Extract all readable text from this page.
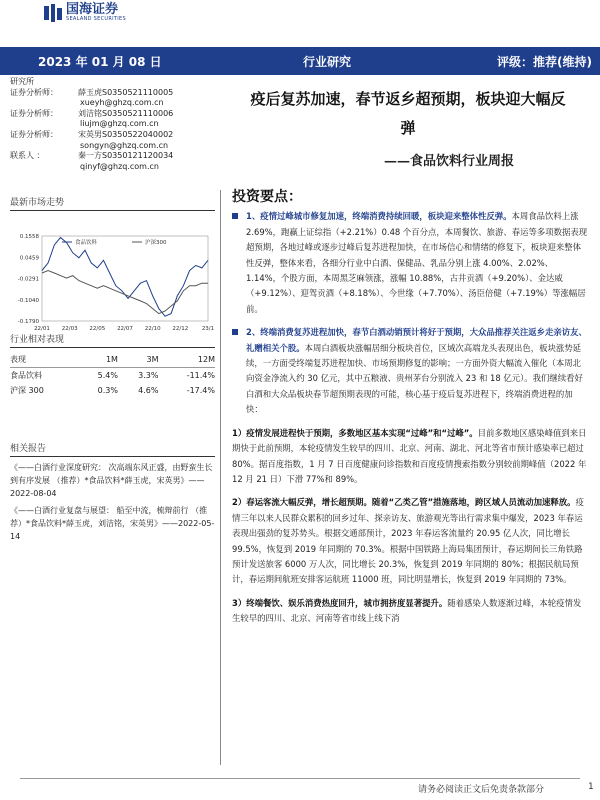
国海证券
SEALAND SECURITIES
2023 年 01 月 08 日	行业研究	评级：推荐(维持)
研究所
证券分析师：	薛玉虎S0350521110005
xueyh@ghzq.com.cn
证券分析师：	刘洁铭S0350521110006
liujm@ghzq.com.cn
证券分析师：	宋英男S0350522040002
songyn@ghzq.com.cn
联系人 ：	秦一方S0350121120034
qinyf@ghzq.com.cn
疫后复苏加速，春节返乡超预期，板块迎大幅反
弹
——食品饮料行业周报
最新市场走势
0.1558
0.0459
-0.0291
-0.1040
-0.1790
22/01 22/03 22/05 22/07 22/10 22/12 23/1
食品饮料	沪深300
行业相对表现
表现	1M	3M	12M
食品饮料	5.4%	3.3%	-11.4%
沪深 300	0.3%	4.6%	-17.4%
相关报告

《——白酒行业深度研究： 次高端东风正盛，由野蛮生长到有序发展 （推荐）*食品饮料*薛玉虎，宋英男》——2022-08-04

《——白酒行业复盘与展望： 船至中流，梳辩前行 （推荐）*食品饮料*薛玉虎，刘洁铭，宋英男》——2022-05-14

投资要点：
1、疫情过峰城市修复加速，终端消费持续回暖，板块迎来整体性反弹。本周食品饮料上涨 2.69%，跑赢上证综指（+2.21%）0.48 个百分点，本周餐饮、旅游、春运等多项数据表现超预期，各地过峰或逐步过峰后复苏进程加快，在市场信心和情绪的修复下，板块迎来整体性反弹，整体来看，各细分行业中白酒、保健品、乳品分别上涨 4.00%、2.02%、1.14%，个股方面，本周黑芝麻领涨，涨幅 10.88%，古井贡酒（+9.20%）、金达威（+9.12%）、迎驾贡酒（+8.18%）、今世缘（+7.70%）、汤臣倍健（+7.19%）等涨幅居前。
2、终端消费复苏进程加快，春节白酒动销预计将好于预期，大众品推荐关注返乡走亲访友、礼赠相关个股。本周白酒板块涨幅居细分板块首位，区域次高端龙头表现出色，板块涨势延续，一方面受终端复苏进程加快、市场预期修复的影响；一方面外资大幅流入催化（本周北向资金净流入约 30 亿元，其中五粮液、贵州茅台分别流入 23 和 18 亿元）。我们继续看好白酒和大众品板块春节超预期表现的可能，核心基于疫后复苏进程下，终端消费进程的加快：
1）疫情发展进程快于预期，多数地区基本实现“过峰”和“过峰”。目前多数地区感染峰值到来日期快于此前预期，本轮疫情发生较早的四川、北京、河南、湖北、河北等省市预计感染率已超过 80%。据百度指数，1 月 7 日百度健康问诊指数和百度疫情搜索指数分别较前期峰值（2022 年 12 月 21 日）下滑 77%和 89%。
2）春运客流大幅反弹，增长超预期。随着“乙类乙管”措施落地，跨区域人员流动加速释放。疫情三年以来人民群众累积的回乡过年、探亲访友、旅游观光等出行需求集中爆发，2023 年春运表现出强劲的复苏势头。根据交通部预计，2023 年春运客流量约 20.95 亿人次，同比增长 99.5%，恢复到 2019 年同期的 70.3%。根据中国铁路上海局集团预计，春运期间长三角铁路预计发送旅客 6000 万人次，同比增长 20.3%，恢复到 2019 年同期的 80%；根据民航局预计，春运期间航班安排客运航班 11000 班，同比明显增长，恢复到 2019 年同期的 73%。
3）终端餐饮、娱乐消费热度回升，城市拥挤度显著提升。随着感染人数逐渐过峰，本轮疫情发生较早的四川、北京、河南等省市线上线下消
请务必阅读正文后免责条款部分	1
